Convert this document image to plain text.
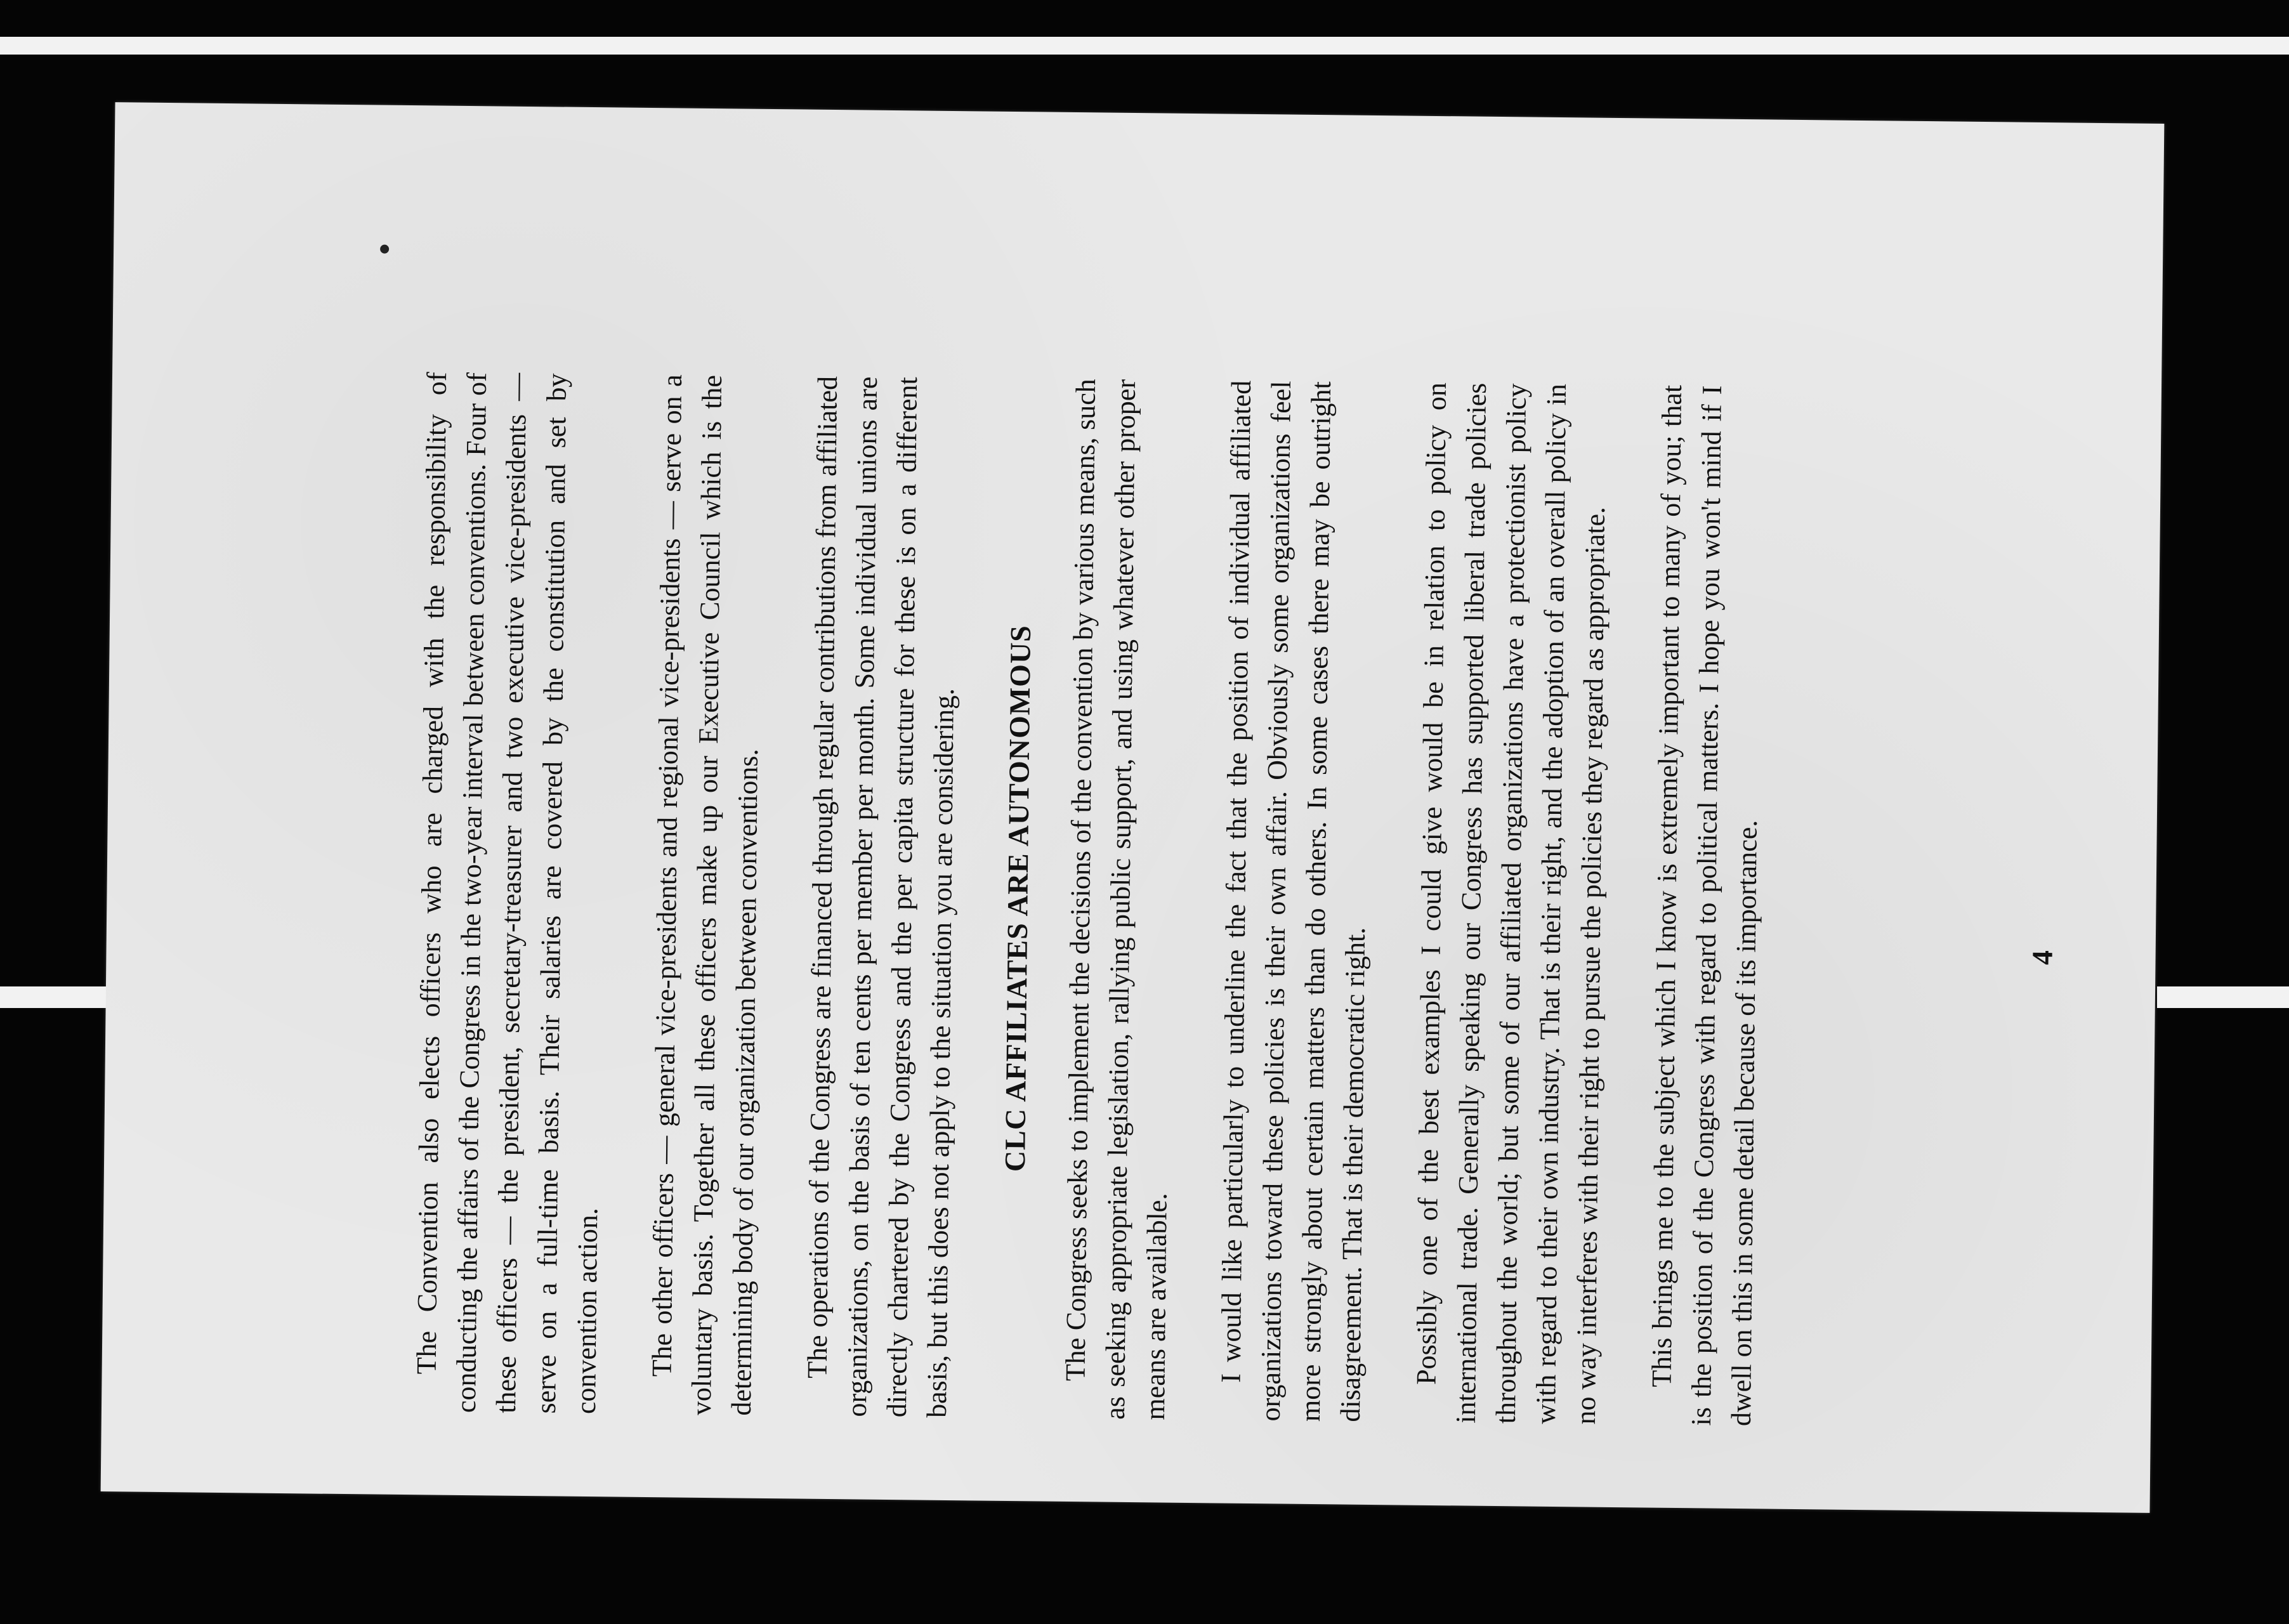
The Convention also elects officers who are charged with the responsibility of conducting the affairs of the Congress in the two-year interval between conventions. Four of these officers — the president, secretary-treasurer and two executive vice-presidents — serve on a full-time basis. Their salaries are covered by the constitution and set by convention action.	The other officers — general vice-presidents and regional vice-presidents — serve on a voluntary basis. Together all these officers make up our Executive Council which is the determining body of our organization between conventions. The operations of the Congress are financed through regular contributions from affiliated organizations, on the basis of ten cents per member per month. Some individual unions are directly chartered by the Congress and the per capita structure for these is on a different basis, but this does not apply to the situation you are considering. CLC AFFILIATES ARE AUTONOMOUS The Congress seeks to implement the decisions of the convention by various means, such as seeking appropriate legislation, rallying public support, and using whatever other proper means are available.	I would like particularly to underline the fact that the position of individual affiliated organizations toward these policies is their own affair. Obviously some organizations feel more strongly about certain matters than do others. In some cases there may be outright disagreement. That is their democratic right.	Possibly one of the best examples I could give would be in relation to policy on international trade. Generally speaking our Congress has supported liberal trade policies throughout the world; but some of our affiliated organizations have a protectionist policy with regard to their own industry. That is their right, and the adoption of an overall policy in no way interferes with their right to pursue the policies they regard as appropriate. This brings me to the subject which I know is extremely important to many of you; that is the position of the Congress with regard to political matters. I hope you won't mind if I dwell on this in some detail because of its importance.	4
